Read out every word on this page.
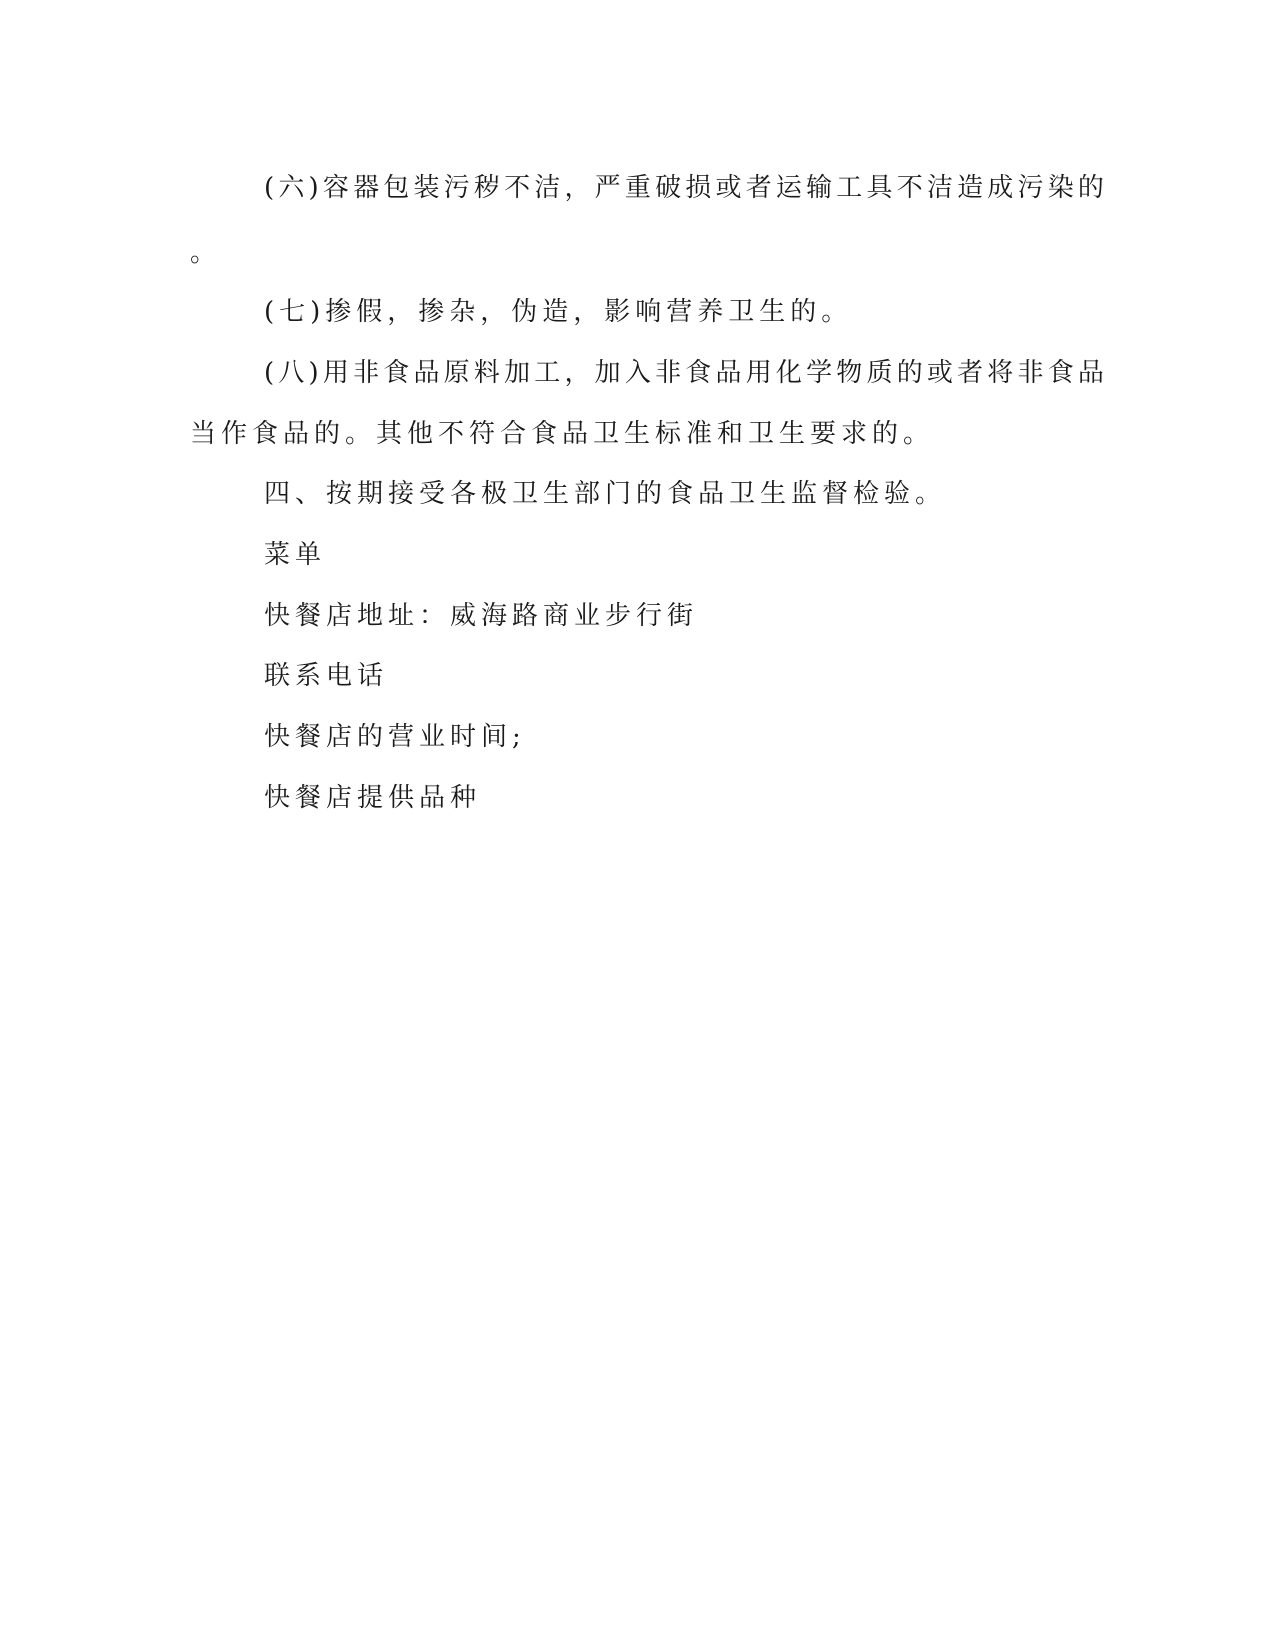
(六)容器包装污秽不洁，严重破损或者运输工具不洁造成污染的
。
(七)掺假，掺杂，伪造，影响营养卫生的。
(八)用非食品原料加工，加入非食品用化学物质的或者将非食品
当作食品的。其他不符合食品卫生标准和卫生要求的。
四、按期接受各极卫生部门的食品卫生监督检验。
菜单
快餐店地址：威海路商业步行街
联系电话
快餐店的营业时间;
快餐店提供品种
